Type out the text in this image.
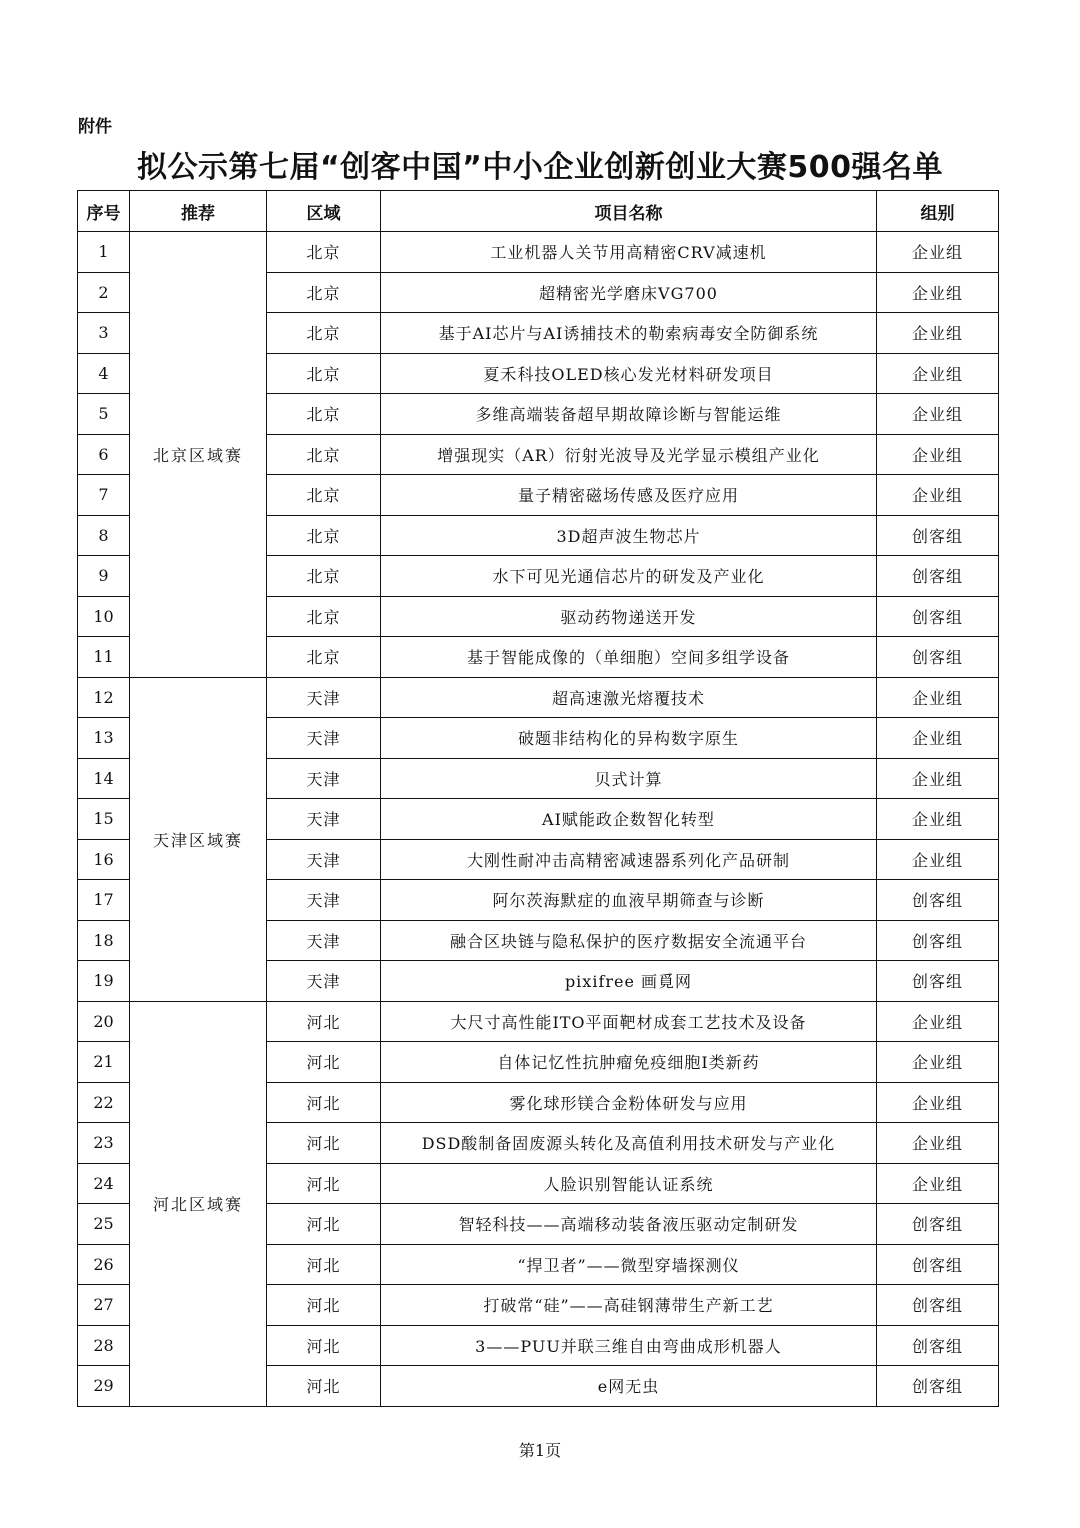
附件
拟公示第七届“创客中国”中小企业创新创业大赛500强名单
序号	推荐	区域	项目名称	组别
1	北京区域赛	北京	工业机器人关节用高精密CRV减速机	企业组
2		北京	超精密光学磨床VG700	企业组
3		北京	基于AI芯片与AI诱捕技术的勒索病毒安全防御系统	企业组
4		北京	夏禾科技OLED核心发光材料研发项目	企业组
5		北京	多维高端装备超早期故障诊断与智能运维	企业组
6		北京	增强现实（AR）衍射光波导及光学显示模组产业化	企业组
7		北京	量子精密磁场传感及医疗应用	企业组
8		北京	3D超声波生物芯片	创客组
9		北京	水下可见光通信芯片的研发及产业化	创客组
10		北京	驱动药物递送开发	创客组
11		北京	基于智能成像的（单细胞）空间多组学设备	创客组
12	天津区域赛	天津	超高速激光熔覆技术	企业组
13		天津	破题非结构化的异构数字原生	企业组
14		天津	贝式计算	企业组
15		天津	AI赋能政企数智化转型	企业组
16		天津	大刚性耐冲击高精密减速器系列化产品研制	企业组
17		天津	阿尔茨海默症的血液早期筛查与诊断	创客组
18		天津	融合区块链与隐私保护的医疗数据安全流通平台	创客组
19		天津	pixifree 画覓网	创客组
20	河北区域赛	河北	大尺寸高性能ITO平面靶材成套工艺技术及设备	企业组
21		河北	自体记忆性抗肿瘤免疫细胞Ⅰ类新药	企业组
22		河北	雾化球形镁合金粉体研发与应用	企业组
23		河北	DSD酸制备固废源头转化及高值利用技术研发与产业化	企业组
24		河北	人脸识别智能认证系统	企业组
25		河北	智轻科技——高端移动装备液压驱动定制研发	创客组
26		河北	“捍卫者”——微型穿墙探测仪	创客组
27		河北	打破常“硅”——高硅钢薄带生产新工艺	创客组
28		河北	3——PUU并联三维自由弯曲成形机器人	创客组
29		河北	e网无虫	创客组
第1页
